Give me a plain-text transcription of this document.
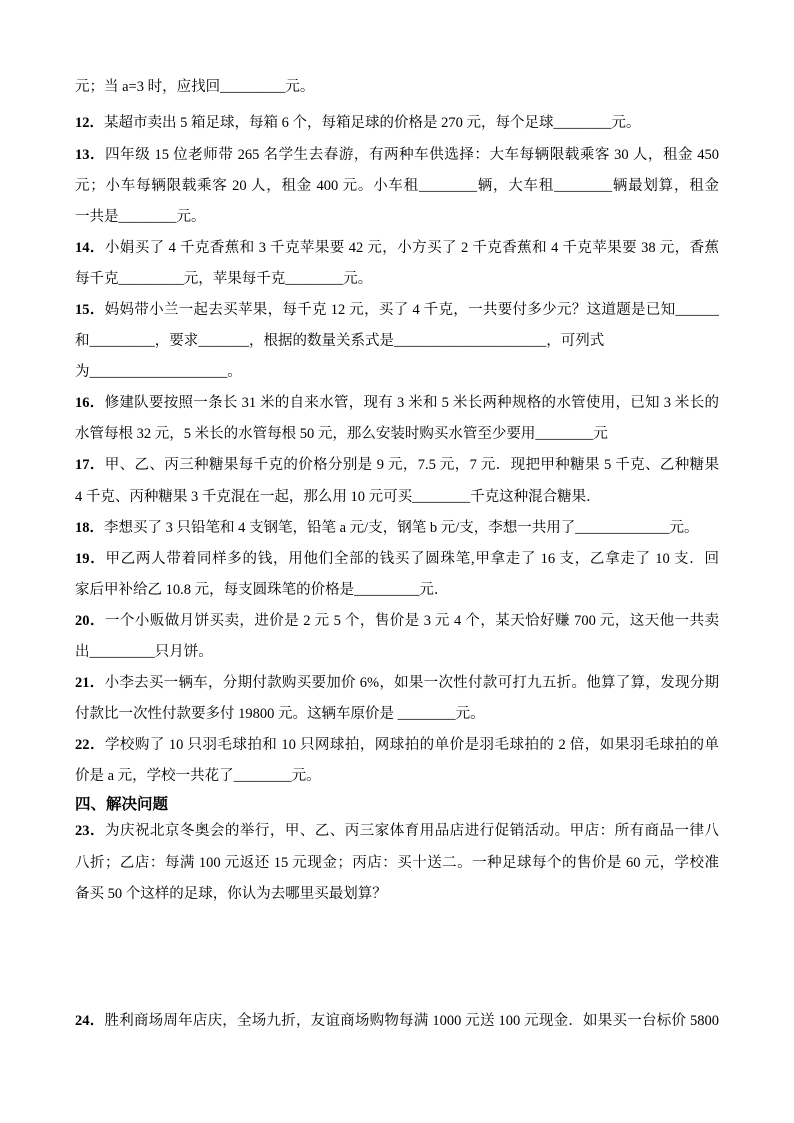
元；当 a=3 时，应找回_________元。

12．某超市卖出 5 箱足球，每箱 6 个，每箱足球的价格是 270 元，每个足球________元。

13．四年级 15 位老师带 265 名学生去春游，有两种车供选择：大车每辆限载乘客 30 人，租金 450

元；小车每辆限载乘客 20 人，租金 400 元。小车租________辆，大车租________辆最划算，租金

一共是________元。

14．小娟买了 4 千克香蕉和 3 千克苹果要 42 元，小方买了 2 千克香蕉和 4 千克苹果要 38 元，香蕉

每千克_________元，苹果每千克________元。

15．妈妈带小兰一起去买苹果，每千克 12 元，买了 4 千克，一共要付多少元？这道题是已知______

和_________，要求_______，根据的数量关系式是_____________________，可列式

为___________________。

16．修建队要按照一条长 31 米的自来水管，现有 3 米和 5 米长两种规格的水管使用，已知 3 米长的

水管每根 32 元，5 米长的水管每根 50 元，那么安装时购买水管至少要用________元

17．甲、乙、丙三种糖果每千克的价格分别是 9 元，7.5 元，7 元．现把甲种糖果 5 千克、乙种糖果

4 千克、丙种糖果 3 千克混在一起，那么用 10 元可买________千克这种混合糖果．

18．李想买了 3 只铅笔和 4 支钢笔，铅笔 a 元/支，钢笔 b 元/支，李想一共用了_____________元。

19．甲乙两人带着同样多的钱，用他们全部的钱买了圆珠笔,甲拿走了 16 支，乙拿走了 10 支．回

家后甲补给乙 10.8 元，每支圆珠笔的价格是_________元．

20．一个小贩做月饼买卖，进价是 2 元 5 个，售价是 3 元 4 个，某天恰好赚 700 元，这天他一共卖

出_________只月饼。

21．小李去买一辆车，分期付款购买要加价 6%，如果一次性付款可打九五折。他算了算，发现分期

付款比一次性付款要多付 19800 元。这辆车原价是 ________元。

22．学校购了 10 只羽毛球拍和 10 只网球拍，网球拍的单价是羽毛球拍的 2 倍，如果羽毛球拍的单

价是 a 元，学校一共花了________元。

四、解决问题

23．为庆祝北京冬奥会的举行，甲、乙、丙三家体育用品店进行促销活动。甲店：所有商品一律八

八折；乙店：每满 100 元返还 15 元现金；丙店：买十送二。一种足球每个的售价是 60 元，学校准

备买 50 个这样的足球，你认为去哪里买最划算？

24．胜利商场周年店庆，全场九折，友谊商场购物每满 1000 元送 100 元现金．如果买一台标价 5800
